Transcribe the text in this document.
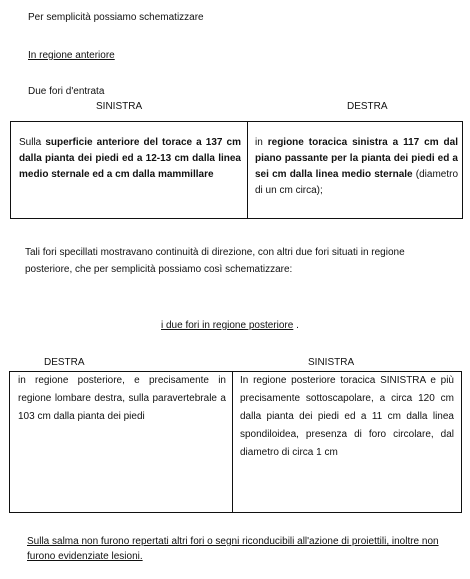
Per semplicità possiamo schematizzare
In regione anteriore
Due fori d'entrata
SINISTRA	DESTRA
Sulla superficie anteriore del torace a 137 cm dalla pianta dei piedi ed a 12-13 cm dalla linea medio sternale ed a cm dalla mammillare
in regione toracica sinistra a 117 cm dal piano passante per la pianta dei piedi ed a sei cm dalla linea medio sternale (diametro di un cm circa);
Tali fori specillati mostravano continuità di direzione, con altri due fori situati in regione posteriore, che per semplicità possiamo così schematizzare:
i due fori in regione posteriore .
DESTRA	SINISTRA
in regione posteriore, e precisamente in regione lombare destra, sulla paravertebrale a 103 cm dalla pianta dei piedi
In regione posteriore toracica SINISTRA e più precisamente sottoscapolare, a circa 120 cm dalla pianta dei piedi ed a 11 cm dalla linea spondiloidea, presenza di foro circolare, dal diametro di circa 1 cm
Sulla salma non furono repertati altri fori o segni riconducibili all'azione di proiettili, inoltre non furono evidenziate lesioni.
